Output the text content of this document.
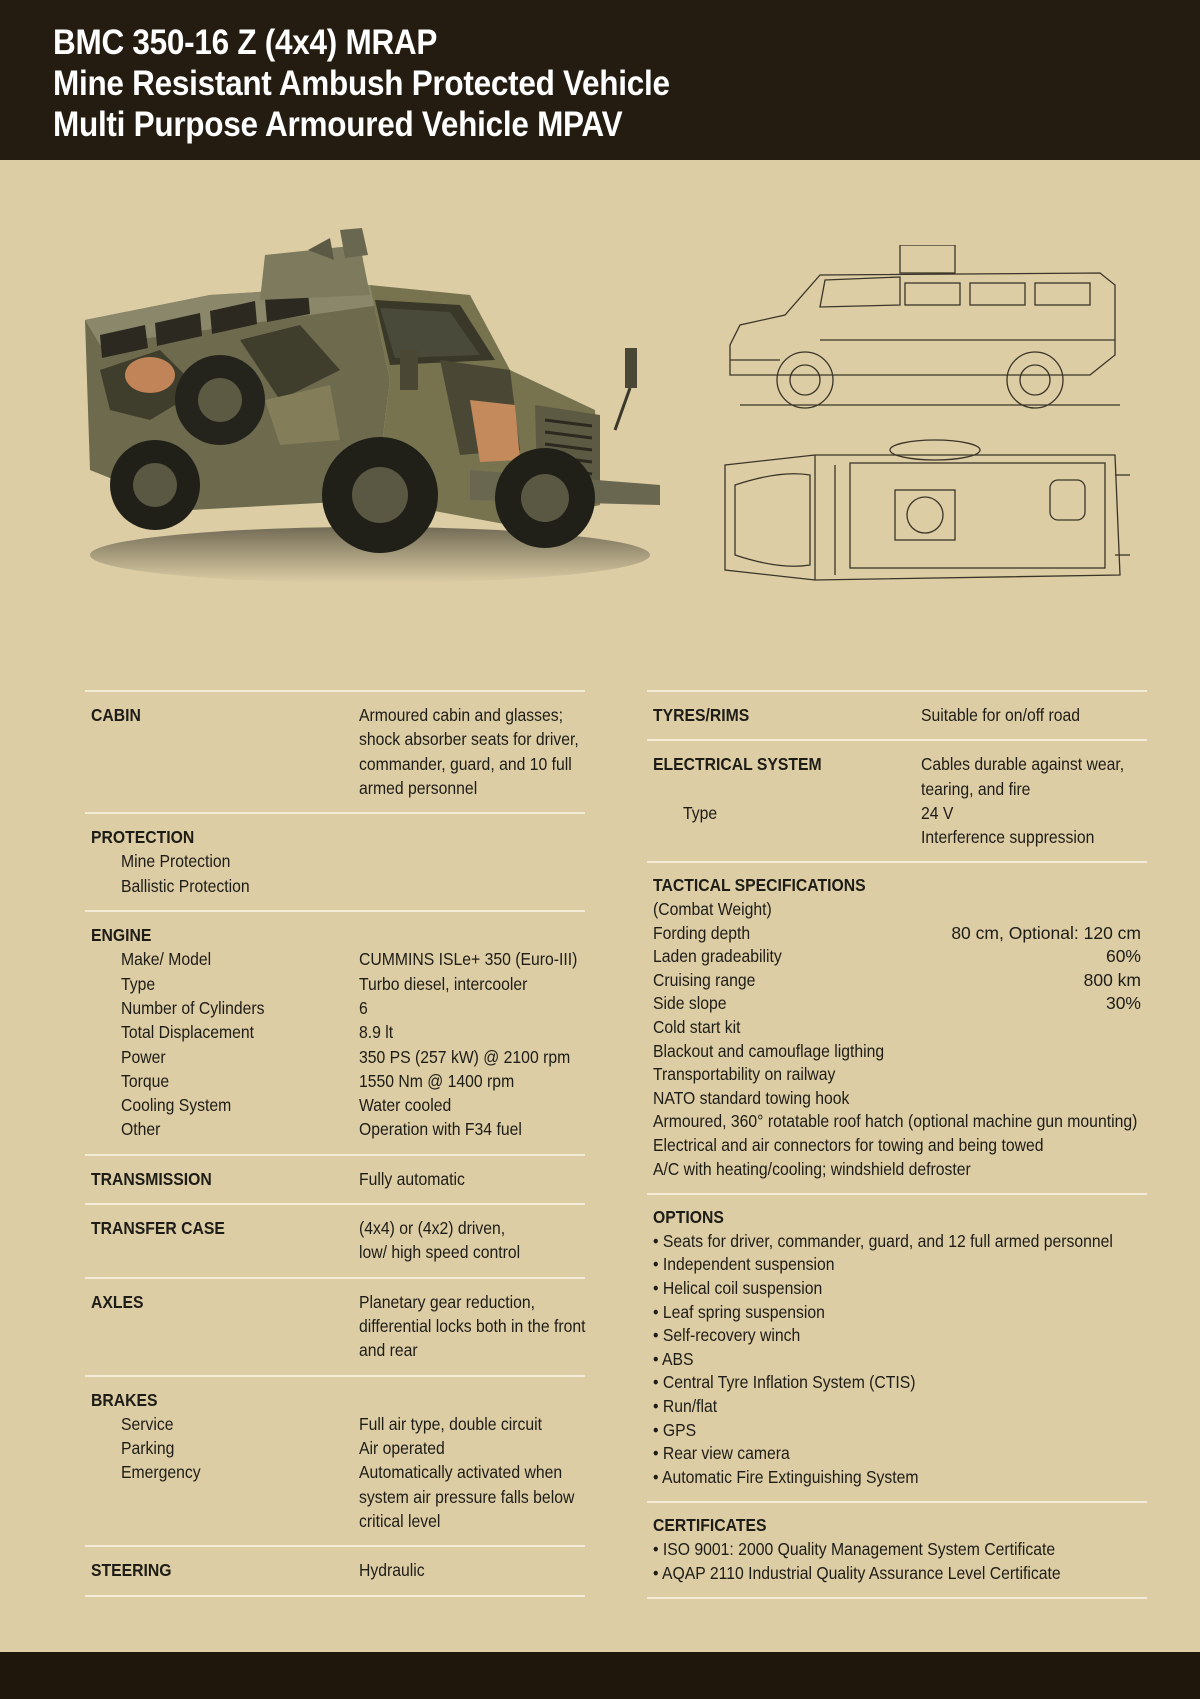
BMC 350-16 Z (4x4) MRAP
Mine Resistant Ambush Protected Vehicle
Multi Purpose Armoured Vehicle MPAV
CABIN	Armoured cabin and glasses;
shock absorber seats for driver,
commander, guard, and 10 full
armed personnel
PROTECTION
Mine Protection
Ballistic Protection
ENGINE
Make/ Model	CUMMINS ISLe+ 350 (Euro-III)
Type	Turbo diesel, intercooler
Number of Cylinders	6
Total Displacement	8.9 lt
Power	350 PS (257 kW) @ 2100 rpm
Torque	1550 Nm @ 1400 rpm
Cooling System	Water cooled
Other	Operation with F34 fuel
TRANSMISSION	Fully automatic
TRANSFER CASE	(4x4) or (4x2) driven,
low/ high speed control
AXLES	Planetary gear reduction,
differential locks both in the front
and rear
BRAKES
Service	Full air type, double circuit
Parking	Air operated
Emergency	Automatically activated when
system air pressure falls below
critical level
STEERING	Hydraulic
TYRES/RIMS	Suitable for on/off road
ELECTRICAL SYSTEM	Cables durable against wear,
tearing, and fire
Type	24 V
Interference suppression
TACTICAL SPECIFICATIONS
(Combat Weight)
Fording depth	80 cm, Optional: 120 cm
Laden gradeability	60%
Cruising range	800 km
Side slope	30%
Cold start kit
Blackout and camouflage ligthing
Transportability on railway
NATO standard towing hook
Armoured, 360° rotatable roof hatch (optional machine gun mounting)
Electrical and air connectors for towing and being towed
A/C with heating/cooling; windshield defroster
OPTIONS
• Seats for driver, commander, guard, and 12 full armed personnel
• Independent suspension
• Helical coil suspension
• Leaf spring suspension
• Self-recovery winch
• ABS
• Central Tyre Inflation System (CTIS)
• Run/flat
• GPS
• Rear view camera
• Automatic Fire Extinguishing System
CERTIFICATES
• ISO 9001: 2000 Quality Management System Certificate
• AQAP 2110 Industrial Quality Assurance Level Certificate
